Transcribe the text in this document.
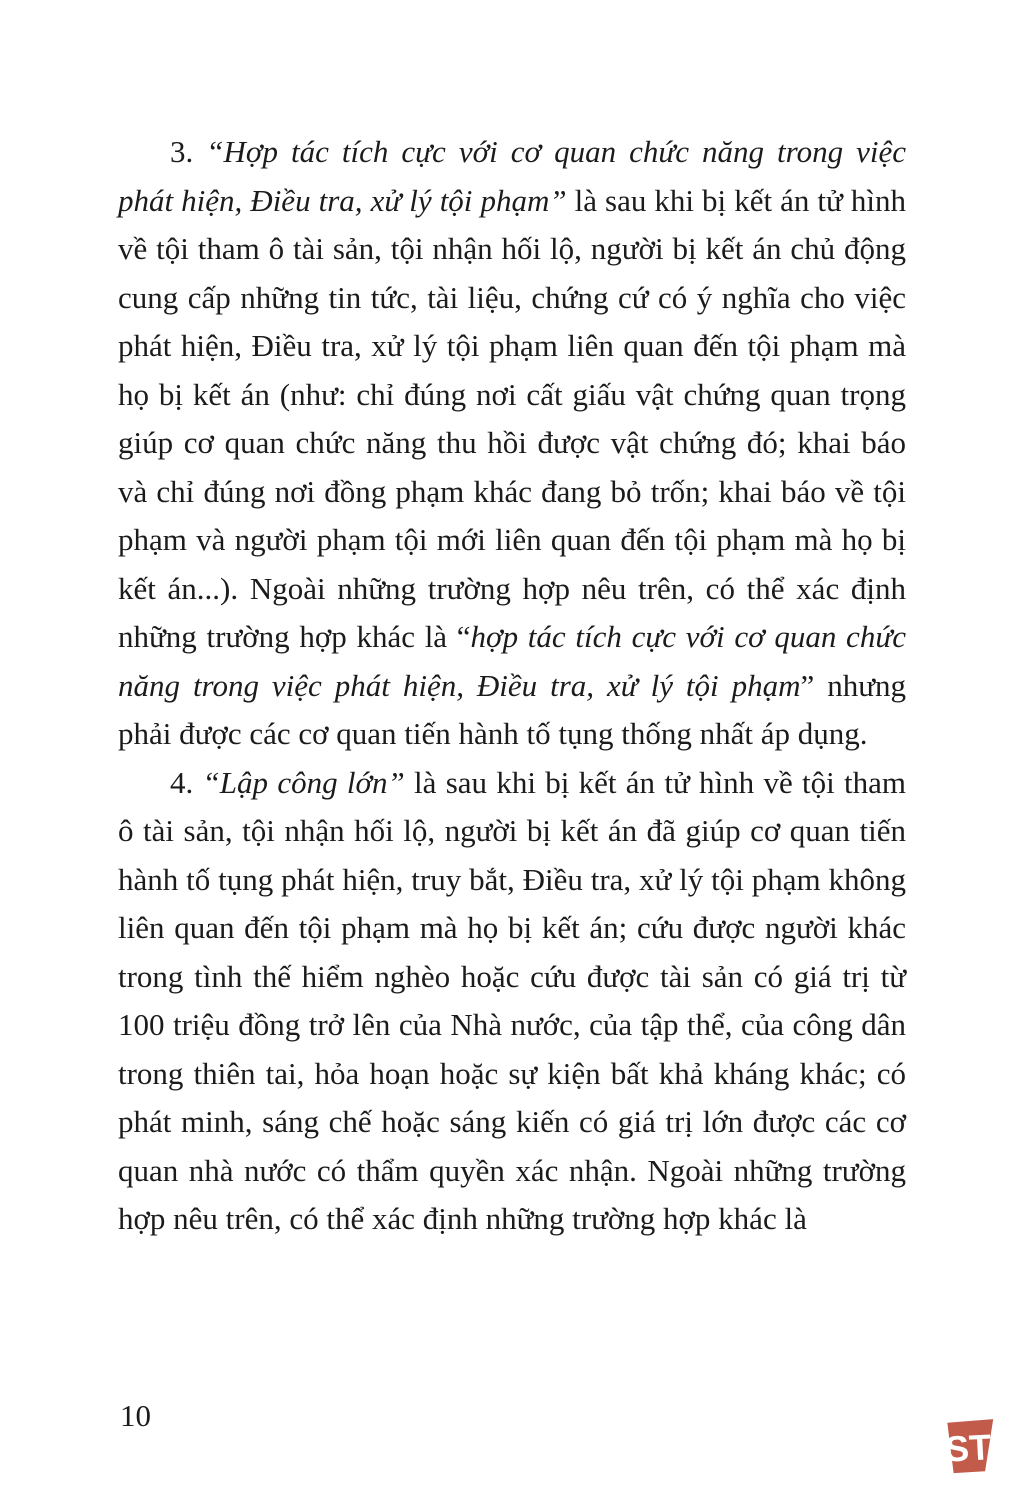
3. “Hợp tác tích cực với cơ quan chức năng trong việc phát hiện, Điều tra, xử lý tội phạm” là sau khi bị kết án tử hình về tội tham ô tài sản, tội nhận hối lộ, người bị kết án chủ động cung cấp những tin tức, tài liệu, chứng cứ có ý nghĩa cho việc phát hiện, Điều tra, xử lý tội phạm liên quan đến tội phạm mà họ bị kết án (như: chỉ đúng nơi cất giấu vật chứng quan trọng giúp cơ quan chức năng thu hồi được vật chứng đó; khai báo và chỉ đúng nơi đồng phạm khác đang bỏ trốn; khai báo về tội phạm và người phạm tội mới liên quan đến tội phạm mà họ bị kết án...). Ngoài những trường hợp nêu trên, có thể xác định những trường hợp khác là “hợp tác tích cực với cơ quan chức năng trong việc phát hiện, Điều tra, xử lý tội phạm” nhưng phải được các cơ quan tiến hành tố tụng thống nhất áp dụng.

4. “Lập công lớn” là sau khi bị kết án tử hình về tội tham ô tài sản, tội nhận hối lộ, người bị kết án đã giúp cơ quan tiến hành tố tụng phát hiện, truy bắt, Điều tra, xử lý tội phạm không liên quan đến tội phạm mà họ bị kết án; cứu được người khác trong tình thế hiểm nghèo hoặc cứu được tài sản có giá trị từ 100 triệu đồng trở lên của Nhà nước, của tập thể, của công dân trong thiên tai, hỏa hoạn hoặc sự kiện bất khả kháng khác; có phát minh, sáng chế hoặc sáng kiến có giá trị lớn được các cơ quan nhà nước có thẩm quyền xác nhận. Ngoài những trường hợp nêu trên, có thể xác định những trường hợp khác là

10
ST
